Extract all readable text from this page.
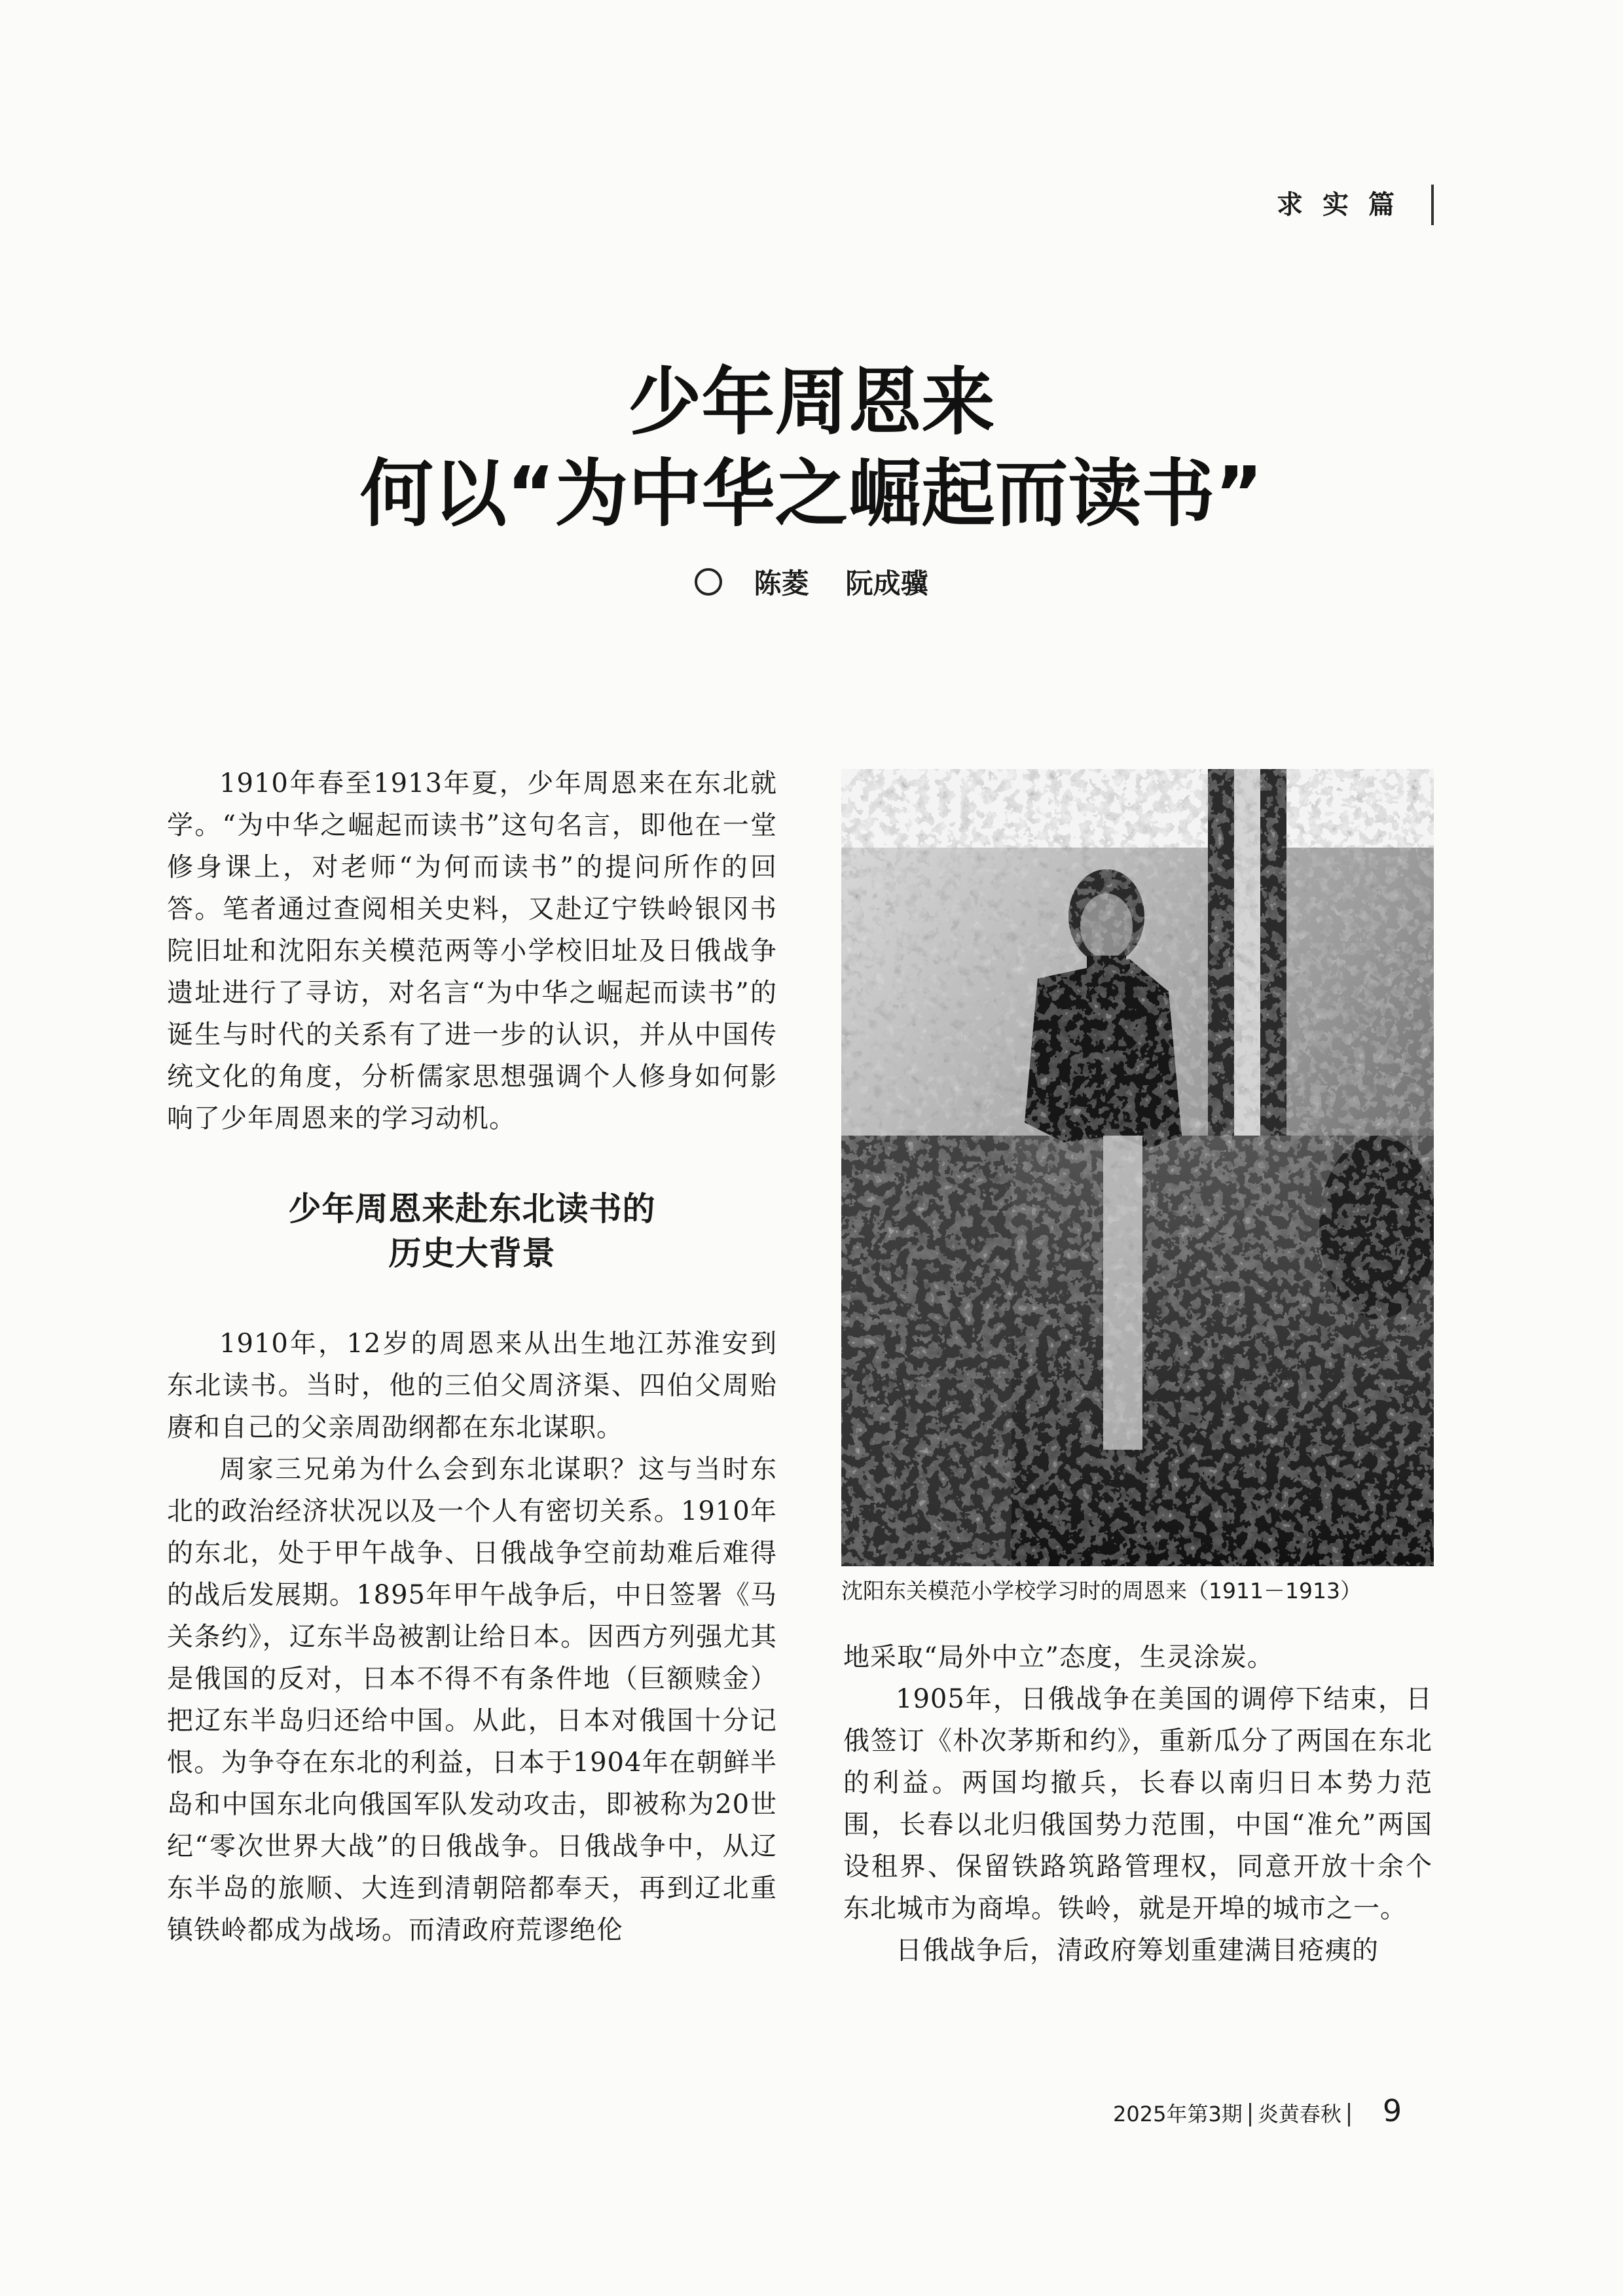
求实篇
少年周恩来
何以“为中华之崛起而读书”
陈菱 阮成骥

1910年春至1913年夏，少年周恩来在东北就学。“为中华之崛起而读书”这句名言，即他在一堂修身课上，对老师“为何而读书”的提问所作的回答。笔者通过查阅相关史料，又赴辽宁铁岭银冈书院旧址和沈阳东关模范两等小学校旧址及日俄战争遗址进行了寻访，对名言“为中华之崛起而读书”的诞生与时代的关系有了进一步的认识，并从中国传统文化的角度，分析儒家思想强调个人修身如何影响了少年周恩来的学习动机。

少年周恩来赴东北读书的
历史大背景

1910年，12岁的周恩来从出生地江苏淮安到东北读书。当时，他的三伯父周济渠、四伯父周贻赓和自己的父亲周劭纲都在东北谋职。

周家三兄弟为什么会到东北谋职？这与当时东北的政治经济状况以及一个人有密切关系。1910年的东北，处于甲午战争、日俄战争空前劫难后难得的战后发展期。1895年甲午战争后，中日签署《马关条约》，辽东半岛被割让给日本。因西方列强尤其是俄国的反对，日本不得不有条件地（巨额赎金）把辽东半岛归还给中国。从此，日本对俄国十分记恨。为争夺在东北的利益，日本于1904年在朝鲜半岛和中国东北向俄国军队发动攻击，即被称为20世纪“零次世界大战”的日俄战争。日俄战争中，从辽东半岛的旅顺、大连到清朝陪都奉天，再到辽北重镇铁岭都成为战场。而清政府荒谬绝伦

沈阳东关模范小学校学习时的周恩来（1911－1913）

地采取“局外中立”态度，生灵涂炭。

1905年，日俄战争在美国的调停下结束，日俄签订《朴次茅斯和约》，重新瓜分了两国在东北的利益。两国均撤兵，长春以南归日本势力范围，长春以北归俄国势力范围，中国“准允”两国设租界、保留铁路筑路管理权，同意开放十余个东北城市为商埠。铁岭，就是开埠的城市之一。

日俄战争后，清政府筹划重建满目疮痍的

2025年第3期 炎黄春秋 9
